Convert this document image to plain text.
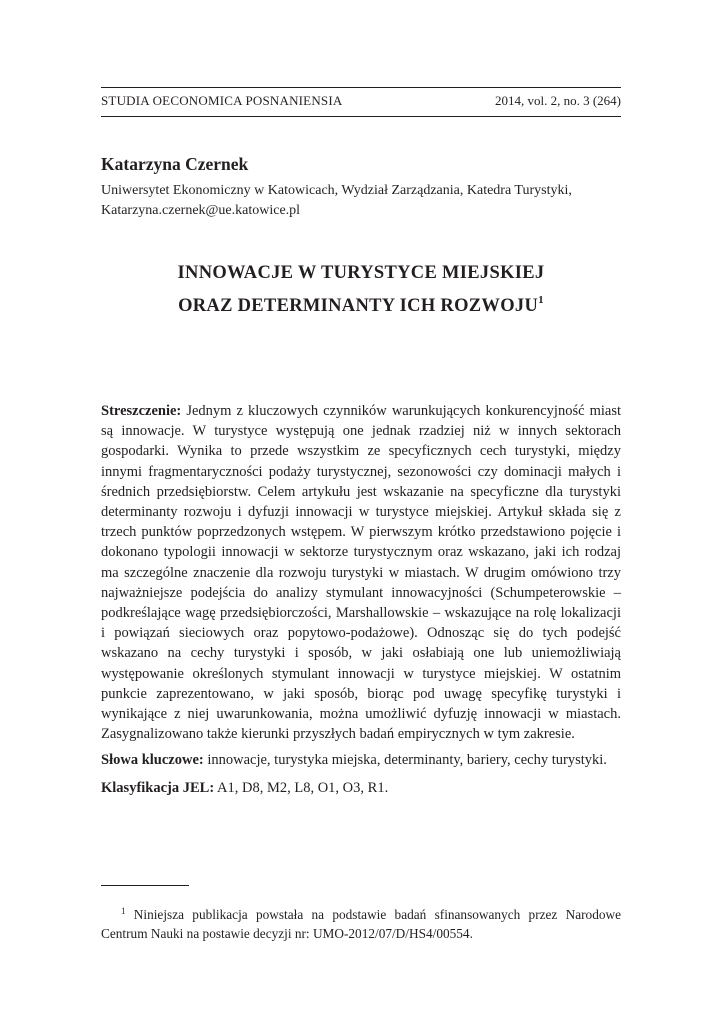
STUDIA OECONOMICA POSNANIENSIA	2014, vol. 2, no. 3 (264)
Katarzyna Czernek
Uniwersytet Ekonomiczny w Katowicach, Wydział Zarządzania, Katedra Turystyki,
Katarzyna.czernek@ue.katowice.pl
INNOWACJE W TURYSTYCE MIEJSKIEJ
ORAZ DETERMINANTY ICH ROZWOJU$^1$
Streszczenie: Jednym z kluczowych czynników warunkujących konkurencyjność miast są innowacje. W turystyce występują one jednak rzadziej niż w innych sektorach gospodarki. Wynika to przede wszystkim ze specyficznych cech turystyki, między innymi fragmentaryczności podaży turystycznej, sezonowości czy dominacji małych i średnich przedsiębiorstw. Celem artykułu jest wskazanie na specyficzne dla turystyki determinanty rozwoju i dyfuzji innowacji w turystyce miejskiej. Artykuł składa się z trzech punktów poprzedzonych wstępem. W pierwszym krótko przedstawiono pojęcie i dokonano typologii innowacji w sektorze turystycznym oraz wskazano, jaki ich rodzaj ma szczególne znaczenie dla rozwoju turystyki w miastach. W drugim omówiono trzy najważniejsze podejścia do analizy stymulant innowacyjności (Schumpeterowskie – podkreślające wagę przedsiębiorczości, Marshallowskie – wskazujące na rolę lokalizacji i powiązań sieciowych oraz popytowo-podażowe). Odnosząc się do tych podejść wskazano na cechy turystyki i sposób, w jaki osłabiają one lub uniemożliwiają występowanie określonych stymulant innowacji w turystyce miejskiej. W ostatnim punkcie zaprezentowano, w jaki sposób, biorąc pod uwagę specyfikę turystyki i wynikające z niej uwarunkowania, można umożliwić dyfuzję innowacji w miastach. Zasygnalizowano także kierunki przyszłych badań empirycznych w tym zakresie.
Słowa kluczowe: innowacje, turystyka miejska, determinanty, bariery, cechy turystyki.
Klasyfikacja JEL: A1, D8, M2, L8, O1, O3, R1.
$^1$ Niniejsza publikacja powstała na podstawie badań sfinansowanych przez Narodowe Centrum Nauki na postawie decyzji nr: UMO-2012/07/D/HS4/00554.
